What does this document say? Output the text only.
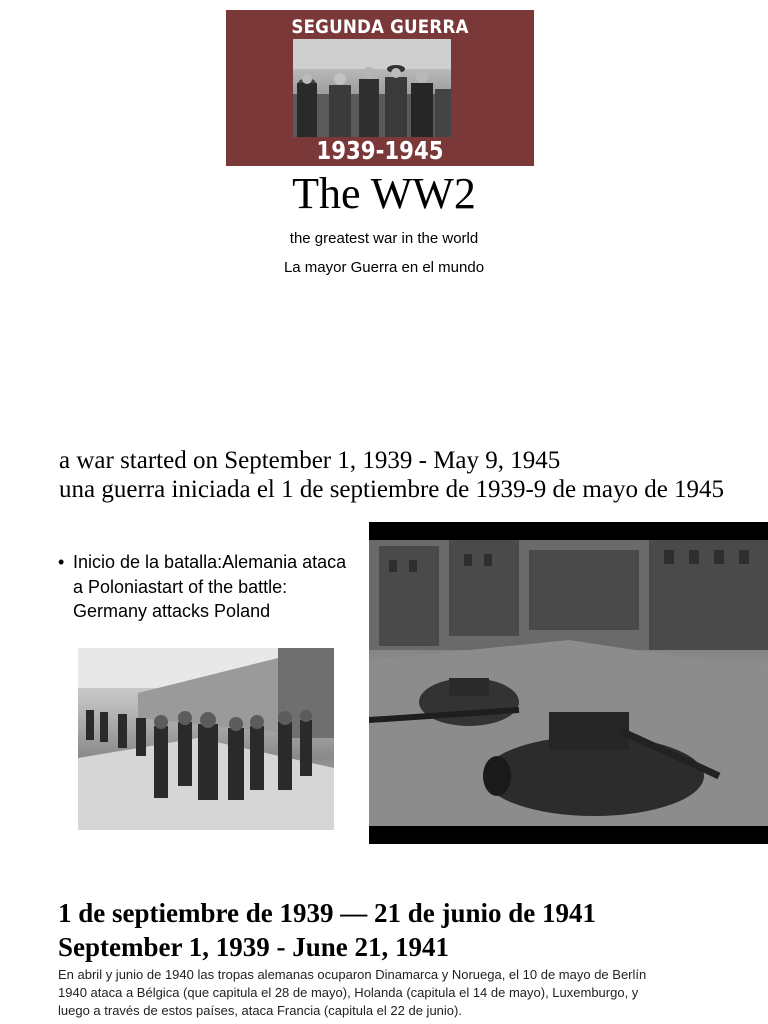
SEGUNDA GUERRA
1939-1945
The WW2
the greatest war in the world
La mayor Guerra en el mundo
a war started on September 1, 1939 - May 9, 1945
una guerra iniciada el 1 de septiembre de 1939-9 de mayo de 1945
• Inicio de la batalla:Alemania ataca a Poloniastart of the battle: Germany attacks Poland
1 de septiembre de 1939 — 21 de junio de 1941
September 1, 1939 - June 21, 1941
En abril y junio de 1940 las tropas alemanas ocuparon Dinamarca y Noruega, el 10 de mayo de Berlín 1940 ataca a Bélgica (que capitula el 28 de mayo), Holanda (capitula el 14 de mayo), Luxemburgo, y luego a través de estos países, ataca Francia (capitula el 22 de junio).
